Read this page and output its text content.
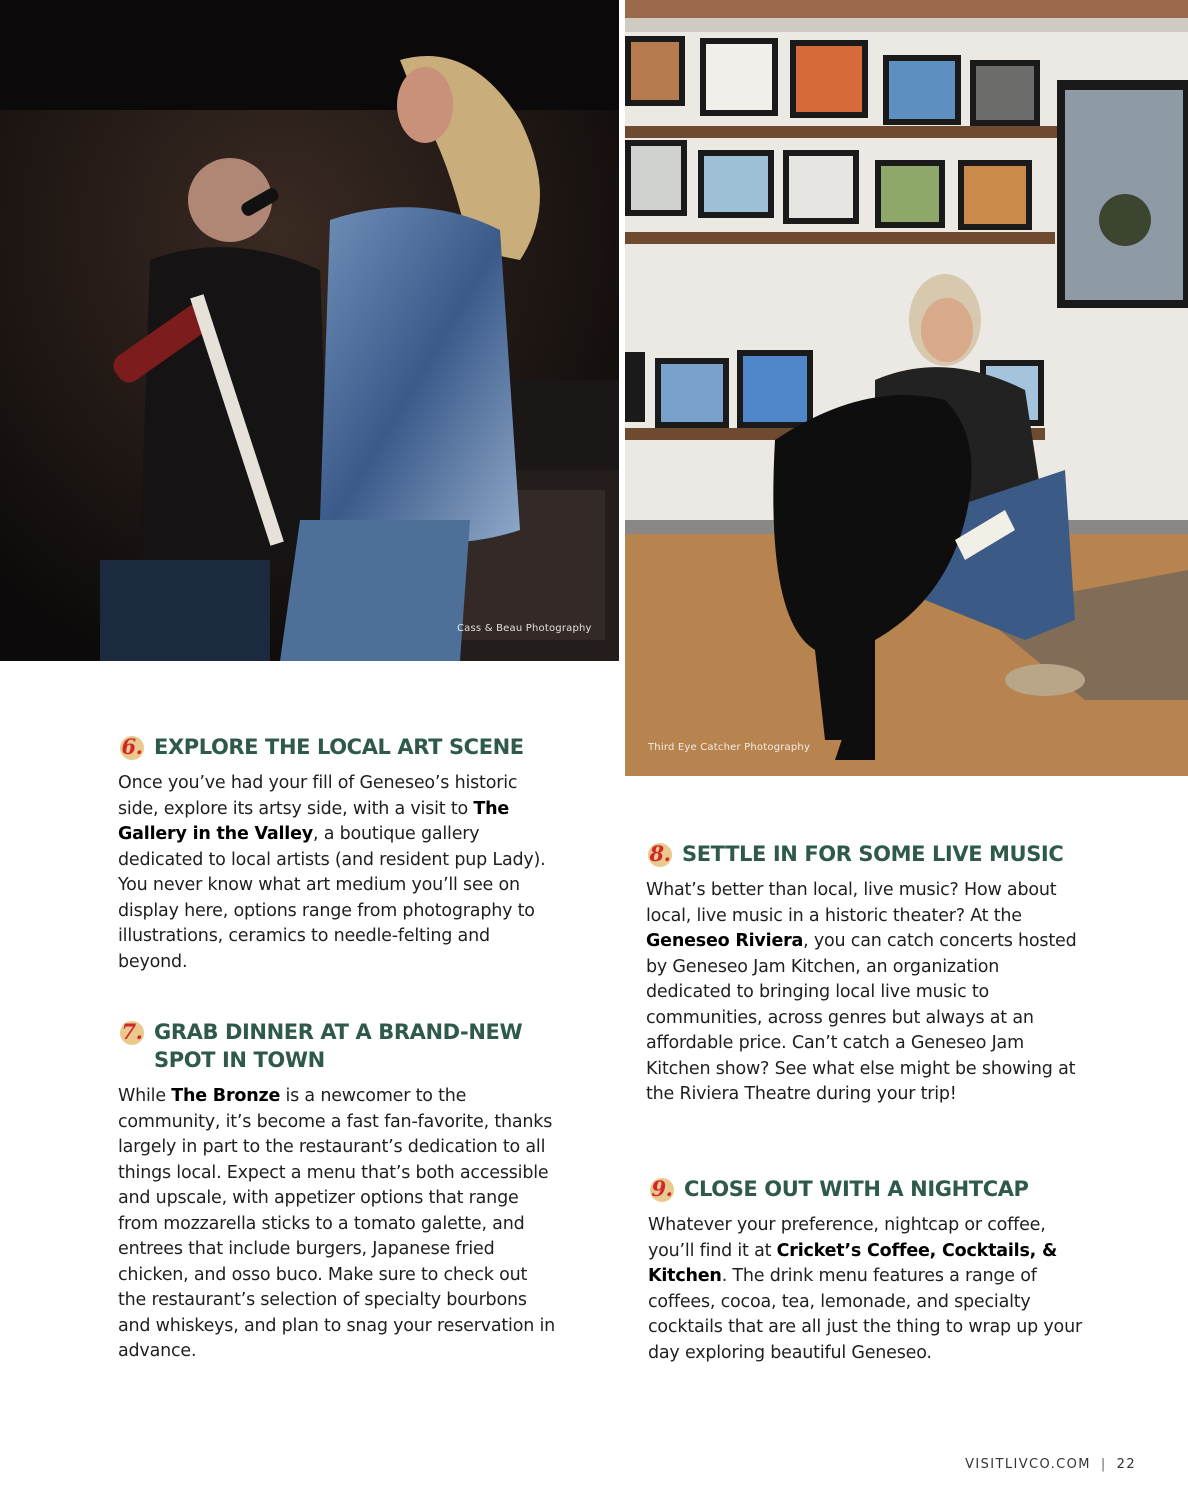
Cass & Beau Photography
Third Eye Catcher Photography
6. EXPLORE THE LOCAL ART SCENE
Once you’ve had your fill of Geneseo’s historic side, explore its artsy side, with a visit to The Gallery in the Valley, a boutique gallery dedicated to local artists (and resident pup Lady). You never know what art medium you’ll see on display here, options range from photography to illustrations, ceramics to needle-felting and beyond.
7. GRAB DINNER AT A BRAND-NEW SPOT IN TOWN
While The Bronze is a newcomer to the community, it’s become a fast fan-favorite, thanks largely in part to the restaurant’s dedication to all things local. Expect a menu that’s both accessible and upscale, with appetizer options that range from mozzarella sticks to a tomato galette, and entrees that include burgers, Japanese fried chicken, and osso buco. Make sure to check out the restaurant’s selection of specialty bourbons and whiskeys, and plan to snag your reservation in advance.
8. SETTLE IN FOR SOME LIVE MUSIC
What’s better than local, live music? How about local, live music in a historic theater? At the Geneseo Riviera, you can catch concerts hosted by Geneseo Jam Kitchen, an organization dedicated to bringing local live music to communities, across genres but always at an affordable price. Can’t catch a Geneseo Jam Kitchen show? See what else might be showing at the Riviera Theatre during your trip!
9. CLOSE OUT WITH A NIGHTCAP
Whatever your preference, nightcap or coffee, you’ll find it at Cricket’s Coffee, Cocktails, & Kitchen. The drink menu features a range of coffees, cocoa, tea, lemonade, and specialty cocktails that are all just the thing to wrap up your day exploring beautiful Geneseo.
VISITLIVCO.COM | 22
